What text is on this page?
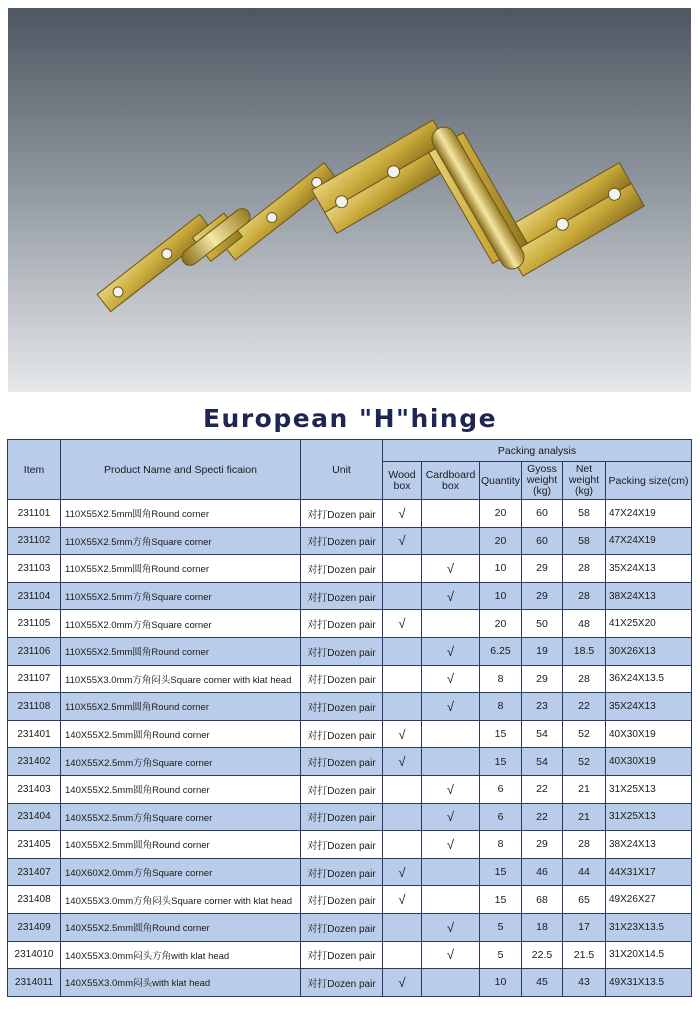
European "H"hinge
Item	Product Name and Specti ficaion	Unit	Packing analysis					
			Wood box	Cardboard box	Quantity	Gyoss weight (kg)	Net weight (kg)	Packing size(cm)
231101	110X55X2.5mm圆角Round corner	对打Dozen pair	√		20	60	58	47X24X19
231102	110X55X2.5mm方角Square corner	对打Dozen pair	√		20	60	58	47X24X19
231103	110X55X2.5mm圆角Round corner	对打Dozen pair		√	10	29	28	35X24X13
231104	110X55X2.5mm方角Square corner	对打Dozen pair		√	10	29	28	38X24X13
231105	110X55X2.0mm方角Square corner	对打Dozen pair	√		20	50	48	41X25X20
231106	110X55X2.5mm圆角Round corner	对打Dozen pair		√	6.25	19	18.5	30X26X13
231107	110X55X3.0mm方角闷头Square corner with klat head	对打Dozen pair		√	8	29	28	36X24X13.5
231108	110X55X2.5mm圆角Round corner	对打Dozen pair		√	8	23	22	35X24X13
231401	140X55X2.5mm圆角Round corner	对打Dozen pair	√		15	54	52	40X30X19
231402	140X55X2.5mm方角Square corner	对打Dozen pair	√		15	54	52	40X30X19
231403	140X55X2.5mm圆角Round corner	对打Dozen pair		√	6	22	21	31X25X13
231404	140X55X2.5mm方角Square corner	对打Dozen pair		√	6	22	21	31X25X13
231405	140X55X2.5mm圆角Round corner	对打Dozen pair		√	8	29	28	38X24X13
231407	140X60X2.0mm方角Square corner	对打Dozen pair	√		15	46	44	44X31X17
231408	140X55X3.0mm方角闷头Square corner with klat head	对打Dozen pair	√		15	68	65	49X26X27
231409	140X55X2.5mm圆角Round corner	对打Dozen pair		√	5	18	17	31X23X13.5
2314010	140X55X3.0mm闷头方角with klat head	对打Dozen pair		√	5	22.5	21.5	31X20X14.5
2314011	140X55X3.0mm闷头with klat head	对打Dozen pair	√		10	45	43	49X31X13.5
